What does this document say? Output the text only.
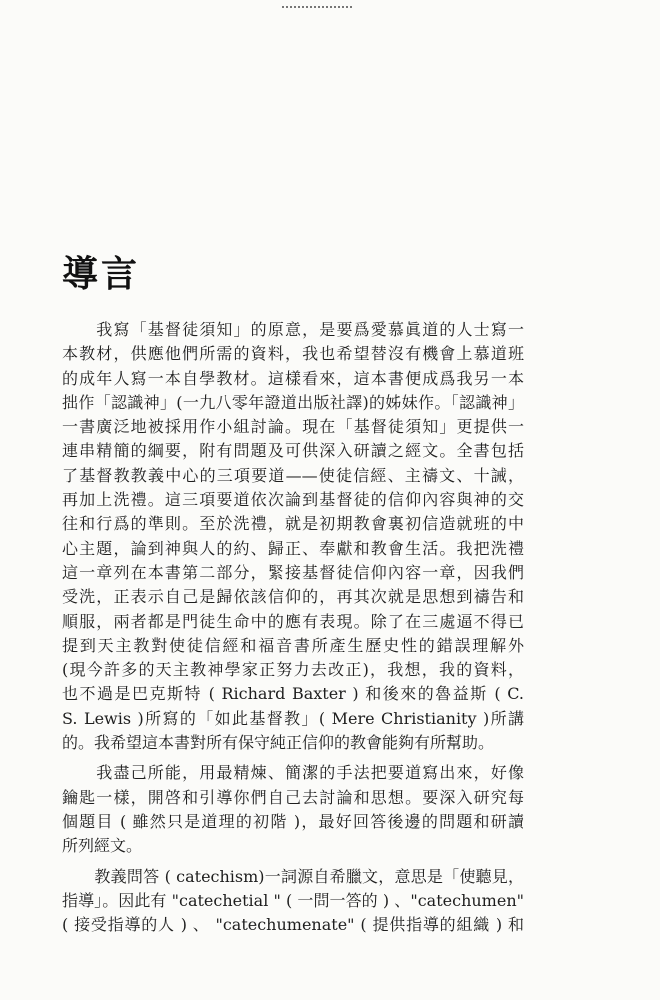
導言
　　我寫「基督徒須知」的原意，是要爲愛慕眞道的人士寫一
本教材，供應他們所需的資料，我也希望替沒有機會上慕道班
的成年人寫一本自學教材。這樣看來，這本書便成爲我另一本
拙作「認識神」(一九八零年證道出版社譯)的姊妹作。「認識神」
一書廣泛地被採用作小組討論。現在「基督徒須知」更提供一
連串精簡的綱要，附有問題及可供深入研讀之經文。全書包括
了基督教教義中心的三項要道——使徒信經、主禱文、十誡，
再加上洗禮。這三項要道依次論到基督徒的信仰內容與神的交
往和行爲的準則。至於洗禮，就是初期教會裏初信造就班的中
心主題，論到神與人的約、歸正、奉獻和教會生活。我把洗禮
這一章列在本書第二部分，緊接基督徒信仰內容一章，因我們
受洗，正表示自己是歸依該信仰的，再其次就是思想到禱告和
順服，兩者都是門徒生命中的應有表現。除了在三處逼不得已
提到天主教對使徒信經和福音書所產生歷史性的錯誤理解外
(現今許多的天主教神學家正努力去改正)，我想，我的資料，
也不過是巴克斯特 ( Richard Baxter ) 和後來的魯益斯 ( C.
S. Lewis )所寫的「如此基督教」( Mere Christianity )所講
的。我希望這本書對所有保守純正信仰的教會能夠有所幫助。
　　我盡己所能，用最精煉、簡潔的手法把要道寫出來，好像
鑰匙一樣，開啓和引導你們自己去討論和思想。要深入研究每
個題目 ( 雖然只是道理的初階 )，最好回答後邊的問題和研讀
所列經文。
　　教義問答 ( catechism)一詞源自希臘文，意思是「使聽見，
指導」。因此有 "catechetial " ( 一問一答的 ) 、"catechumen"
( 接受指導的人 ) 、 "catechumenate" ( 提供指導的組織 ) 和
